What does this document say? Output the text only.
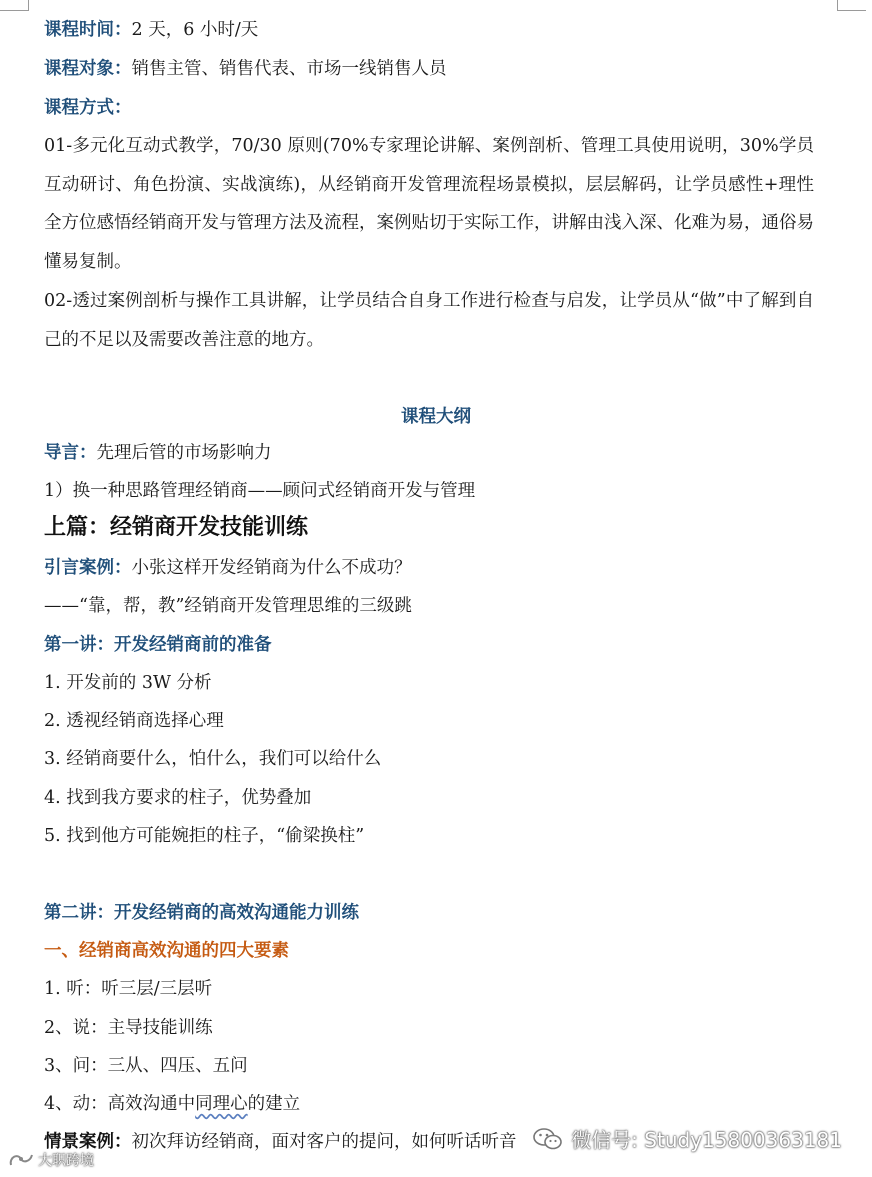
课程时间：2 天，6 小时/天
课程对象：销售主管、销售代表、市场一线销售人员
课程方式：
01-多元化互动式教学，70/30 原则(70%专家理论讲解、案例剖析、管理工具使用说明，30%学员互动研讨、角色扮演、实战演练)，从经销商开发管理流程场景模拟，层层解码，让学员感性+理性全方位感悟经销商开发与管理方法及流程，案例贴切于实际工作，讲解由浅入深、化难为易，通俗易懂易复制。
02-透过案例剖析与操作工具讲解，让学员结合自身工作进行检查与启发，让学员从“做”中了解到自己的不足以及需要改善注意的地方。
课程大纲
导言：先理后管的市场影响力
1）换一种思路管理经销商——顾问式经销商开发与管理
上篇：经销商开发技能训练
引言案例：小张这样开发经销商为什么不成功？
——“靠，帮，教”经销商开发管理思维的三级跳
第一讲：开发经销商前的准备
1. 开发前的 3W 分析
2. 透视经销商选择心理
3. 经销商要什么，怕什么，我们可以给什么
4. 找到我方要求的柱子，优势叠加
5. 找到他方可能婉拒的柱子，“偷梁换柱”
第二讲：开发经销商的高效沟通能力训练
一、经销商高效沟通的四大要素
1. 听：听三层/三层听
2、说：主导技能训练
3、问：三从、四压、五问
4、动：高效沟通中同理心的建立
情景案例：初次拜访经销商，面对客户的提问，如何听话听音	微信号: Study15800363181
大职跨境
